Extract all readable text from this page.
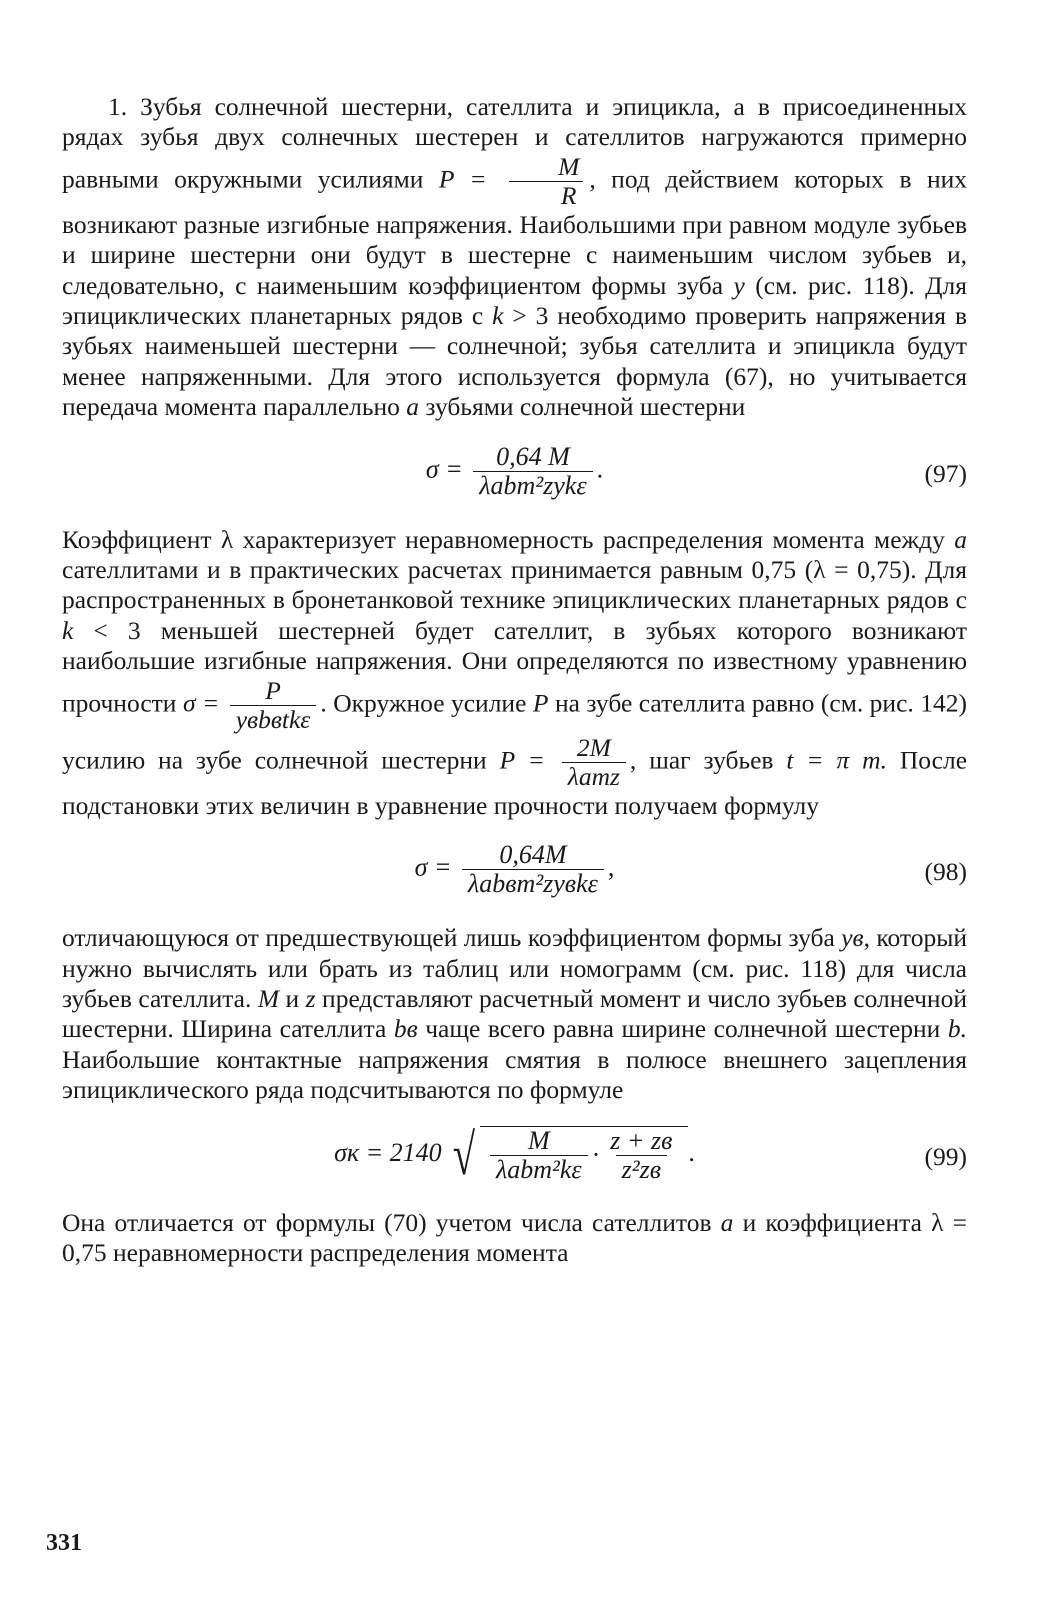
1. Зубья солнечной шестерни, сателлита и эпицикла, а в присоединенных рядах зубья двух солнечных шестерен и сателлитов нагружаются примерно равными окружными усилиями $P = \frac{M}{R}$ , под действием которых в них возникают разные изгибные напряжения. Наибольшими при равном модуле зубьев и ширине шестерни они будут в шестерне с наименьшим числом зубьев и, следовательно, с наименьшим коэффициентом формы зуба y (см. рис. 118). Для эпициклических планетарных рядов с k > 3 необходимо проверить напряжения в зубьях наименьшей шестерни — солнечной; зубья сателлита и эпицикла будут менее напряженными. Для этого используется формула (67), но учитывается передача момента параллельно a зубьями солнечной шестерни

$\sigma = \frac{0,64 M}{\text{λabm²zykε}}$ .	(97)

Коэффициент λ характеризует неравномерность распределения момента между a сателлитами и в практических расчетах принимается равным 0,75 (λ = 0,75). Для распространенных в бронетанковой технике эпициклических планетарных рядов с k < 3 меньшей шестерней будет сателлит, в зубьях которого возникают наибольшие изгибные напряжения. Они определяются по известному уравнению прочности $\sigma = \frac{P}{\text{yвbвtkε}}$ . Окружное усилие P на зубе сателлита равно (см. рис. 142) усилию на зубе солнечной шестерни $P = \frac{2M}{\text{λamz}}$ , шаг зубьев t = π m. После подстановки этих величин в уравнение прочности получаем формулу

$\sigma = \frac{0,64M}{\text{λabвm²zyвkε}}$ ,	(98)

отличающуюся от предшествующей лишь коэффициентом формы зуба yв, который нужно вычислять или брать из таблиц или номограмм (см. рис. 118) для числа зубьев сателлита. M и z представляют расчетный момент и число зубьев солнечной шестерни. Ширина сателлита bв чаще всего равна ширине солнечной шестерни b. Наибольшие контактные напряжения смятия в полюсе внешнего зацепления эпициклического ряда подсчитываются по формуле

σк = 2140 √ $\frac{M}{\text{λabm²kε}} \cdot \frac{z + zв}{\text{z²zв}}$ .	(99)

Она отличается от формулы (70) учетом числа сателлитов a и коэффициента λ = 0,75 неравномерности распределения момента

331
